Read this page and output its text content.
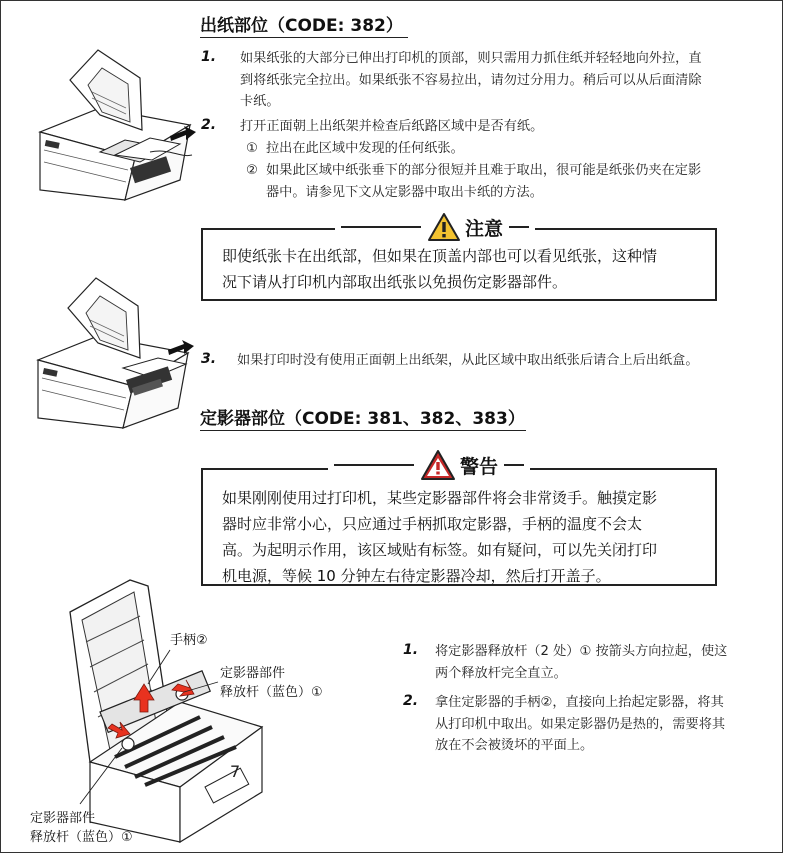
出纸部位（CODE: 382）
1. 如果纸张的大部分已伸出打印机的顶部，则只需用力抓住纸并轻轻地向外拉，直
到将纸张完全拉出。如果纸张不容易拉出，请勿过分用力。稍后可以从后面清除
卡纸。
2. 打开正面朝上出纸架并检查后纸路区域中是否有纸。
① 拉出在此区域中发现的任何纸张。
② 如果此区域中纸张垂下的部分很短并且难于取出，很可能是纸张仍夹在定影
器中。请参见下文从定影器中取出卡纸的方法。
注意
即使纸张卡在出纸部，但如果在顶盖内部也可以看见纸张，这种情
况下请从打印机内部取出纸张以免损伤定影器部件。
3. 如果打印时没有使用正面朝上出纸架，从此区域中取出纸张后请合上后出纸盒。
定影器部位（CODE: 381、382、383）
警告
如果刚刚使用过打印机，某些定影器部件将会非常烫手。触摸定影
器时应非常小心，只应通过手柄抓取定影器，手柄的温度不会太
高。为起明示作用，该区域贴有标签。如有疑问，可以先关闭打印
机电源，等候 10 分钟左右待定影器冷却，然后打开盖子。
7
手柄②
定影器部件
释放杆（蓝色）①
定影器部件
释放杆（蓝色）①
1. 将定影器释放杆（2 处）① 按箭头方向拉起，使这
两个释放杆完全直立。
2. 拿住定影器的手柄②，直接向上抬起定影器，将其
从打印机中取出。如果定影器仍是热的，需要将其
放在不会被烫坏的平面上。
